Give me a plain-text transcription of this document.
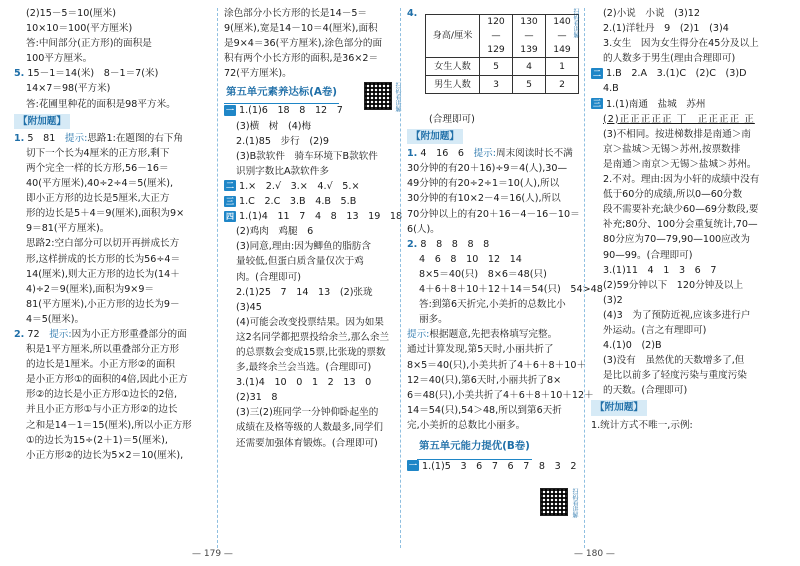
(2)15－5＝10(厘米)

10×10＝100(平方厘米)

答:中间部分(正方形)的面积是

100平方厘米。

5. 15－1＝14(米)　8－1＝7(米)

14×7＝98(平方米)

答:花圃里种花的面积是98平方米。

【附加题】

1. 5　81　 提示:思路1:在题图的右下角

切下一个长为4厘米的正方形,剩下

两个完全一样的长方形,56－16＝

40(平方厘米),40÷2÷4＝5(厘米),

即小正方形的边长是5厘米,大正方

形的边长是5＋4＝9(厘米),面积为9×

9＝81(平方厘米)。

思路2:空白部分可以切开再拼成长方

形,这样拼成的长方形的长为56÷4＝

14(厘米),则大正方形的边长为(14＋

4)÷2＝9(厘米),面积为9×9＝

81(平方厘米),小正方形的边长为9－

4＝5(厘米)。

2. 72　 提示:因为小正方形重叠部分的面

积是1平方厘米,所以重叠部分正方形

的边长是1厘米。小正方形②的面积

是小正方形①的面积的4倍,因此小正方

形②的边长是小正方形①边长的2倍,

并且小正方形①与小正方形②的边长

之和是14－1＝15(厘米),所以小正方形

①的边长为15÷(2＋1)＝5(厘米),

小正方形②的边长为5×2＝10(厘米),

涂色部分小长方形的长是14－5＝

9(厘米),宽是14－10＝4(厘米),面积

是9×4＝36(平方厘米),涂色部分的面

积有两个小长方形的面积,是36×2＝

72(平方厘米)。

第五单元素养达标(A卷)

一 1.(1)6　18　8　12　7

(3)横　树　(4)梅

2.(1)85　步行　(2)9

(3)B款软件　骑车环境下B款软件

识别字数比A款软件多

二 1.×　2.√　3.×　4.√　5.×

三 1.C　2.C　3.B　4.B　5.B

四 1.(1)4　11　7　4　8　13　19　18

(2)鸡肉　鸡腿　6

(3)同意,理由:因为鲫鱼的脂肪含

量较低,但蛋白质含量仅次于鸡

肉。(合理即可)

2.(1)25　7　14　13　(2)张珑

(3)45

(4)可能会改变投票结果。因为如果

这2名同学都把票投给余兰,那么余兰

的总票数会变成15票,比张珑的票数

多,最终余兰会当选。(合理即可)

3.(1)4　10　0　1　2　13　0

(2)31　8

(3)三(2)班同学一分钟仰卧起坐的

成绩在及格等级的人数最多,同学们

还需要加强体育锻炼。(合理即可)

扫码看讲解
4.
身高/厘米	120—129	130—139	140—149
女生人数	5	4	1
男生人数	3	5	2

(合理即可)

【附加题】

1. 4　16　6　 提示:周末阅读时长不满

30分钟的有20＋16)÷9＝4(人),30—

49分钟的有20÷2÷1＝10(人),所以

30分钟的有10×2－4＝16(人),所以

70分钟以上的有20＋16－4－16－10＝

6(人)。

2. 8　8　8　8　8

4　6　8　10　12　14

8×5＝40(只)　8×6＝48(只)

4＋6＋8＋10＋12＋14＝54(只)　54>48

答:到第6天折完,小美折的总数比小

丽多。

提示:根据题意,先把表格填写完整。

通过计算发现,第5天时,小丽共折了

8×5＝40(只),小美共折了4＋6＋8＋10＋

12＝40(只),第6天时,小丽共折了8×

6＝48(只),小美共折了4＋6＋8＋10＋12＋

14＝54(只),54＞48,所以到第6天折

完,小美折的总数比小丽多。

第五单元能力提优(B卷)

一 1.(1)5　3　6　7　6　7　8　3　2

扫码看讲解
扫码看讲解	(2)小说　小说　(3)12

2.(1)洋牡丹　9　(2)1　(3)4

3.女生　因为女生得分在45分及以上

的人数多于男生(理由合理即可)

二 1.B　2.A　3.(1)C　(2)C　(3)D

4.B

三 1.(1)南通　盐城　苏州

(2)正正正正正 丅　正正正正 正

(3)不相同。按进梯数排是南通＞南

京＞盐城＞无锡＞苏州,按票数排

是南通＞南京＞无锡＞盐城＞苏州。

2.不对。理由:因为小轩的成绩中没有

低于60分的成绩,所以0—60分数

段不需要补充;缺少60—69分数段,要

补充;80分、100分会重复统计,70—

80分应为70—79,90—100应改为

90—99。(合理即可)

3.(1)11　4　1　3　6　7

(2)59分钟以下　120分钟及以上

(3)2

(4)3　为了预防近视,应该多进行户

外运动。(言之有理即可)

4.(1)0　(2)B

(3)没有　虽然优的天数增多了,但

是比以前多了轻度污染与重度污染

的天数。(合理即可)

【附加题】

1.统计方式不唯一,示例:

— 179 —	— 180 —
